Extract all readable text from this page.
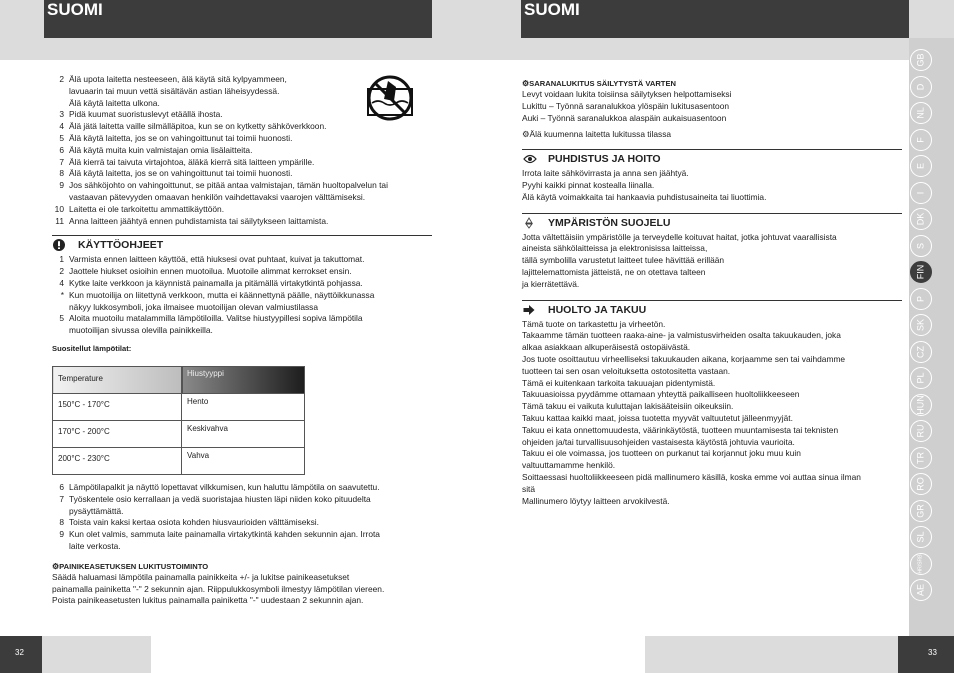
SUOMI	SUOMI
GB
D
NL
F
E
I
DK
S
FIN
P
SK
CZ
PL
HUN
RU
TR
RO
GR
SL
HR/SRB
AE
32	33
2 Älä upota laitetta nesteeseen, älä käytä sitä kylpyammeen,
lavuaarin tai muun vettä sisältävän astian läheisyydessä.
Älä käytä laitetta ulkona.
3 Pidä kuumat suoristuslevyt etäällä ihosta.
4 Älä jätä laitetta vaille silmälläpitoa, kun se on kytketty sähköverkkoon.
5 Älä käytä laitetta, jos se on vahingoittunut tai toimii huonosti.
6 Älä käytä muita kuin valmistajan omia lisälaitteita.
7 Älä kierrä tai taivuta virtajohtoa, äläkä kierrä sitä laitteen ympärille.
8 Älä käytä laitetta, jos se on vahingoittunut tai toimii huonosti.
9 Jos sähköjohto on vahingoittunut, se pitää antaa valmistajan, tämän huoltopalvelun tai
vastaavan pätevyyden omaavan henkilön vaihdettavaksi vaarojen välttämiseksi.
10 Laitetta ei ole tarkoitettu ammattikäyttöön.
11 Anna laitteen jäähtyä ennen puhdistamista tai säilytykseen laittamista.
KÄYTTÖOHJEET
1 Varmista ennen laitteen käyttöä, että hiuksesi ovat puhtaat, kuivat ja takuttomat.
2 Jaottele hiukset osioihin ennen muotoilua. Muotoile alimmat kerrokset ensin.
4 Kytke laite verkkoon ja käynnistä painamalla ja pitämällä virtakytkintä pohjassa.
* Kun muotoilija on liitettynä verkkoon, mutta ei käännettynä päälle, näyttöikkunassa
näkyy lukkosymboli, joka ilmaisee muotoilijan olevan valmiustilassa
5 Aloita muotoilu matalammilla lämpötiloilla. Valitse hiustyypillesi sopiva lämpötila
muotoilijan sivussa olevilla painikkeilla.

Suositellut lämpötilat:

Temperature	Hiustyyppi
150°C - 170°C	Hento
170°C - 200°C	Keskivahva
200°C - 230°C	Vahva
6 Lämpötilapalkit ja näyttö lopettavat vilkkumisen, kun haluttu lämpötila on saavutettu.
7 Työskentele osio kerrallaan ja vedä suoristajaa hiusten läpi niiden koko pituudelta
pysäyttämättä.
8 Toista vain kaksi kertaa osiota kohden hiusvaurioiden välttämiseksi.
9 Kun olet valmis, sammuta laite painamalla virtakytkintä kahden sekunnin ajan. Irrota
laite verkosta.

⚙PAINIKEASETUKSEN LUKITUSTOIMINTO

Säädä haluamasi lämpötila painamalla painikkeita +/- ja lukitse painikeasetukset

painamalla painiketta "-" 2 sekunnin ajan. Riippulukkosymboli ilmestyy lämpötilan viereen.

Poista painikeasetusten lukitus painamalla painiketta "-" uudestaan 2 sekunnin ajan.

⚙SARANALUKITUS SÄILYTYSTÄ VARTEN

Levyt voidaan lukita toisiinsa säilytyksen helpottamiseksi

Lukittu – Työnnä saranalukkoa ylöspäin lukitusasentoon

Auki – Työnnä saranalukkoa alaspäin aukaisuasentoon

⚙Älä kuumenna laitetta lukitussa tilassa

PUHDISTUS JA HOITO

Irrota laite sähkövirrasta ja anna sen jäähtyä.

Pyyhi kaikki pinnat kostealla liinalla.

Älä käytä voimakkaita tai hankaavia puhdistusaineita tai liuottimia.

YMPÄRISTÖN SUOJELU

Jotta vältettäisiin ympäristölle ja terveydelle koituvat haitat, jotka johtuvat vaarallisista

aineista sähkölaitteissa ja elektronisissa laitteissa,

tällä symbolilla varustetut laitteet tulee hävittää erillään

lajittelemattomista jätteistä, ne on otettava talteen

ja kierrätettävä.

HUOLTO JA TAKUU

Tämä tuote on tarkastettu ja virheetön.

Takaamme tämän tuotteen raaka-aine- ja valmistusvirheiden osalta takuukauden, joka

alkaa asiakkaan alkuperäisestä ostopäivästä.

Jos tuote osoittautuu virheelliseksi takuukauden aikana, korjaamme sen tai vaihdamme

tuotteen tai sen osan veloituksetta ostotositetta vastaan.

Tämä ei kuitenkaan tarkoita takuuajan pidentymistä.

Takuuasioissa pyydämme ottamaan yhteyttä paikalliseen huoltoliikkeeseen

Tämä takuu ei vaikuta kuluttajan lakisääteisiin oikeuksiin.

Takuu kattaa kaikki maat, joissa tuotetta myyvät valtuutetut jälleenmyyjät.

Takuu ei kata onnettomuudesta, väärinkäytöstä, tuotteen muuntamisesta tai teknisten

ohjeiden ja/tai turvallisuusohjeiden vastaisesta käytöstä johtuvia vaurioita.

Takuu ei ole voimassa, jos tuotteen on purkanut tai korjannut joku muu kuin

valtuuttamamme henkilö.

Soittaessasi huoltoliikkeeseen pidä mallinumero käsillä, koska emme voi auttaa sinua ilman

sitä

Mallinumero löytyy laitteen arvokilvestä.
